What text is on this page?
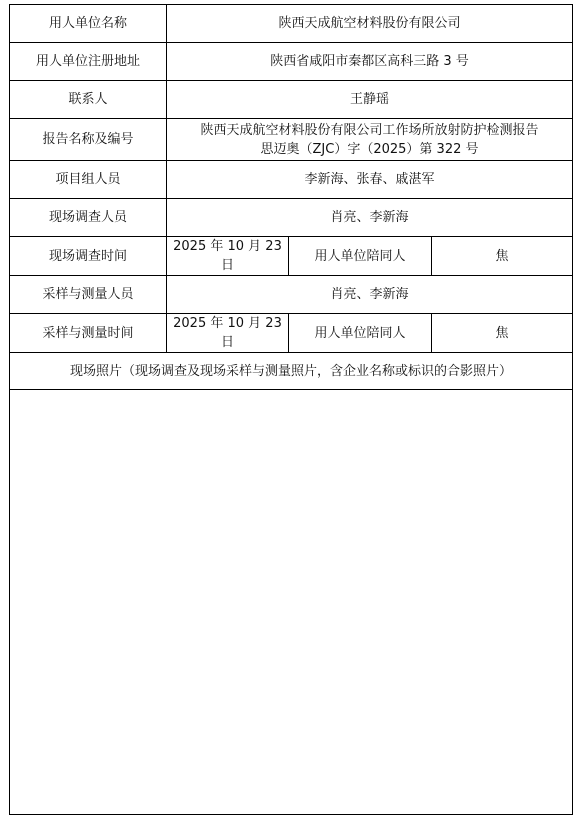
用人单位名称	陕西天成航空材料股份有限公司		
用人单位注册地址	陕西省咸阳市秦都区高科三路 3 号		
联系人	王静瑶		
报告名称及编号	陕西天成航空材料股份有限公司工作场所放射防护检测报告
思迈奥（ZJC）字（2025）第 322 号		

项目组人员	李新海、张春、戚湛军		
现场调查人员	肖亮、李新海		
现场调查时间	2025 年 10 月 23 日	用人单位陪同人	焦
采样与测量人员	肖亮、李新海		
采样与测量时间	2025 年 10 月 23 日	用人单位陪同人	焦
现场照片（现场调查及现场采样与测量照片，含企业名称或标识的合影照片）			
